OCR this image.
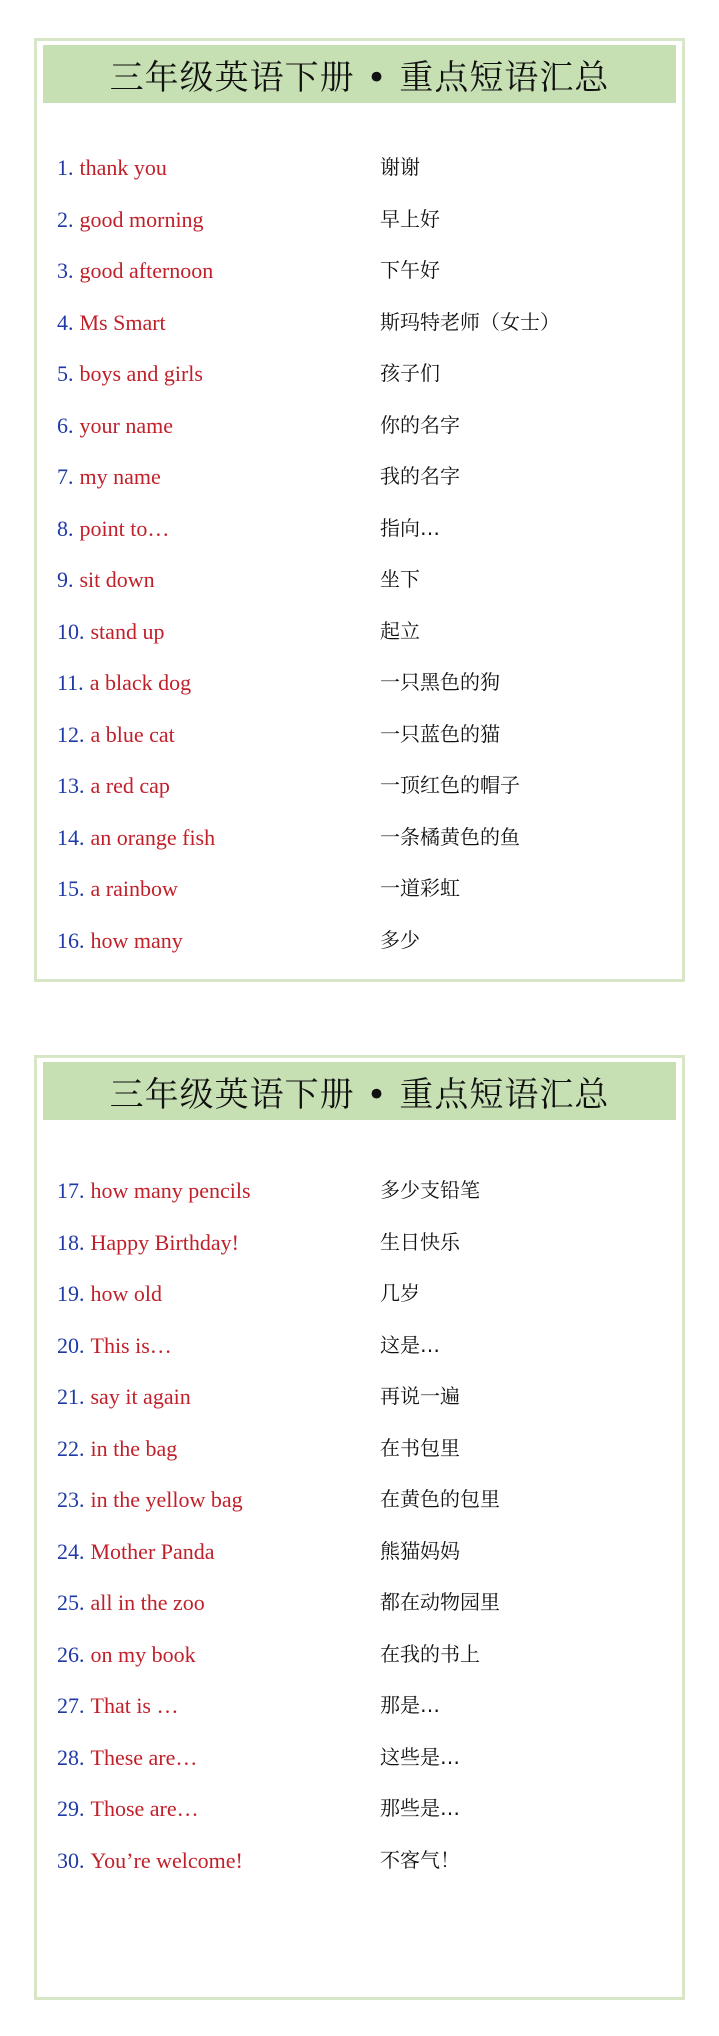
三年级英语下册 • 重点短语汇总
1. thank you	谢谢
2. good morning	早上好
3. good afternoon	下午好
4. Ms Smart	斯玛特老师（女士）
5. boys and girls	孩子们
6. your name	你的名字
7. my name	我的名字
8. point to…	指向…
9. sit down	坐下
10. stand up	起立
11. a black dog	一只黑色的狗
12. a blue cat	一只蓝色的猫
13. a red cap	一顶红色的帽子
14. an orange fish	一条橘黄色的鱼
15. a rainbow	一道彩虹
16. how many	多少
三年级英语下册 • 重点短语汇总
17. how many pencils	多少支铅笔
18. Happy Birthday!	生日快乐
19. how old	几岁
20. This is…	这是…
21. say it again	再说一遍
22. in the bag	在书包里
23. in the yellow bag	在黄色的包里
24. Mother Panda	熊猫妈妈
25. all in the zoo	都在动物园里
26. on my book	在我的书上
27. That is …	那是…
28. These are…	这些是…
29. Those are…	那些是…
30. You’re welcome!	不客气！
